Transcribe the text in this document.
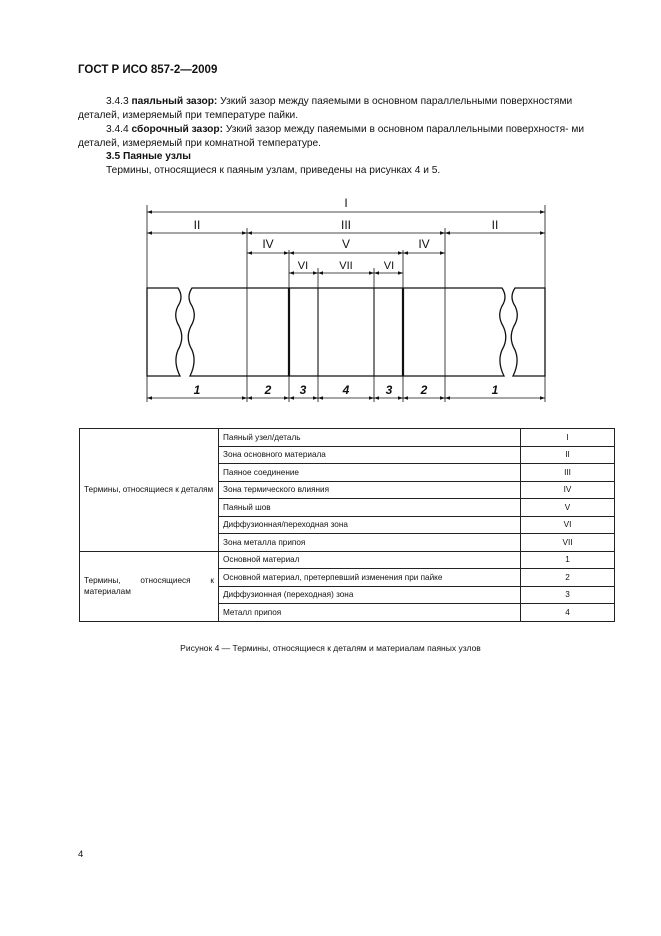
ГОСТ Р ИСО 857-2—2009
3.4.3 паяльный зазор: Узкий зазор между паяемыми в основном параллельными поверхностями деталей, измеряемый при температуре пайки.
3.4.4 сборочный зазор: Узкий зазор между паяемыми в основном параллельными поверхностя- ми деталей, измеряемый при комнатной температуре.
3.5 Паяные узлы
Термины, относящиеся к паяным узлам, приведены на рисунках 4 и 5.
I
II	III	II
IV	V	IV
VI	VII	VI
1	2 3	4	3 2	1
Термины, относящиеся к деталям	Паяный узел/деталь	I
	Зона основного материала	II
	Паяное соединение	III
	Зона термического влияния	IV
	Паяный шов	V
	Диффузионная/переходная зона	VI
	Зона металла припоя	VII
Термины, относящиеся к материалам	Основной материал	1
	Основной материал, претерпевший изменения при пайке	2
	Диффузионная (переходная) зона	3
	Металл припоя	4
Рисунок 4 — Термины, относящиеся к деталям и материалам паяных узлов
4
